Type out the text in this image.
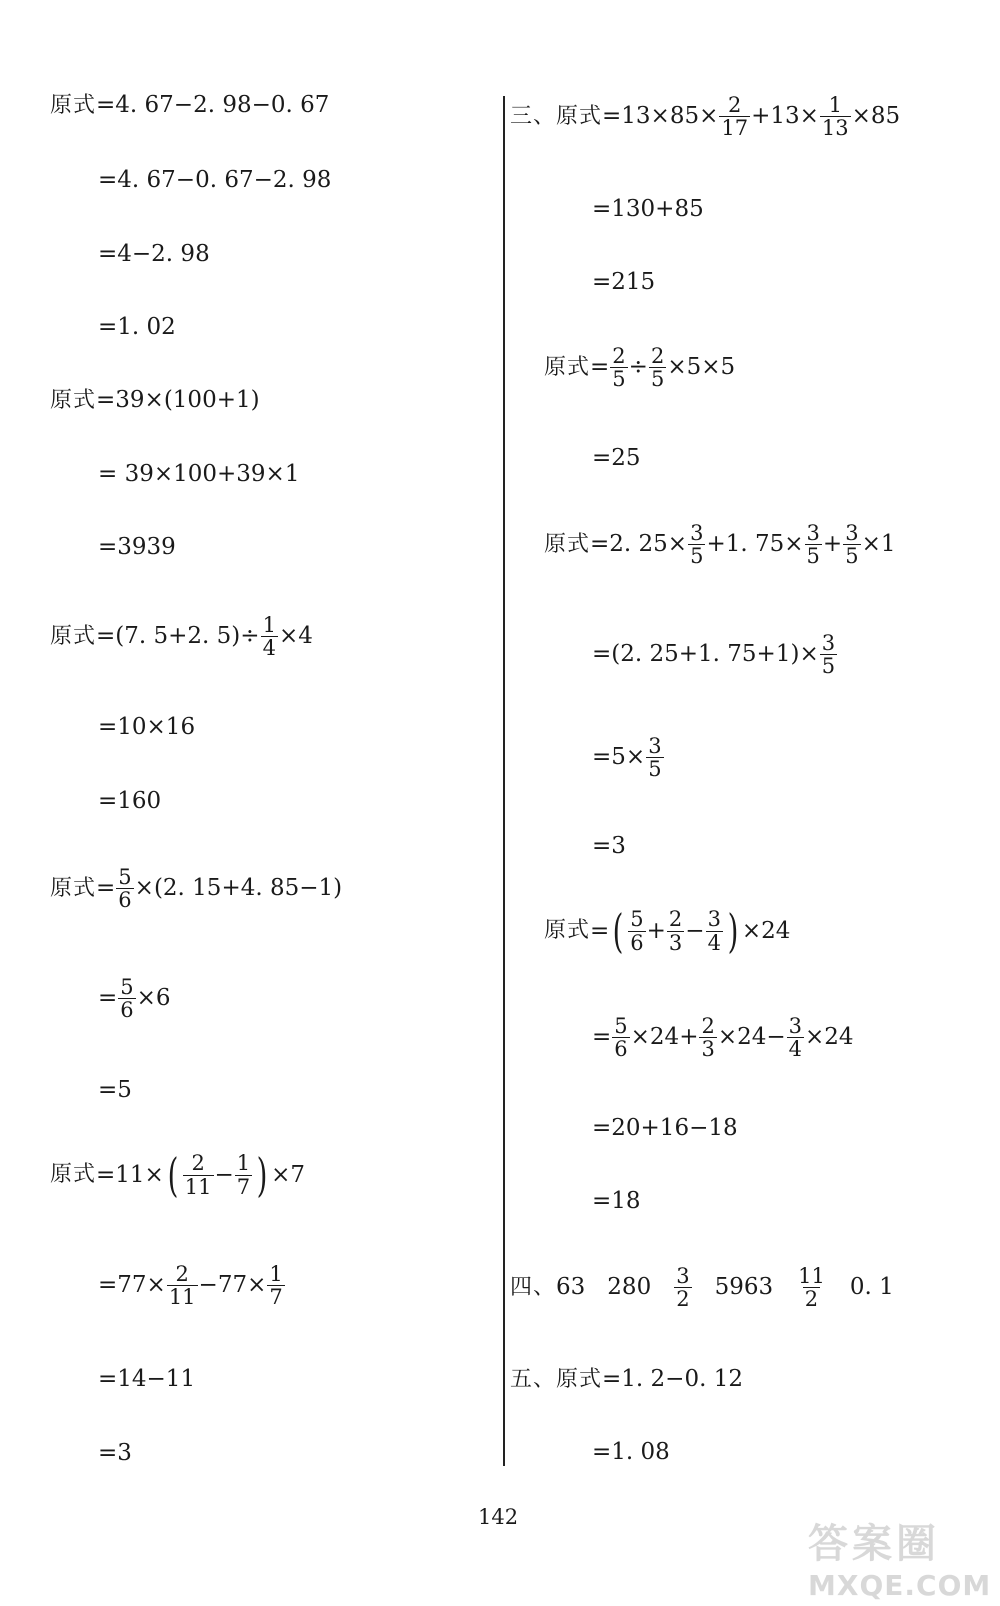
原式 =4. 67−2. 98−0. 67
=4. 67−0. 67−2. 98
=4−2. 98
=1. 02
原式 =39×(100+1)
= 39×100+39×1
=3939
原式 =(7. 5+2. $5)\div \frac{1}{4} \times 4$
=10×16
=160
原式 = $\frac{5}{6} \times(2$. 15+4. 85−1)
= $\frac{5}{6} \times 6$
=5
原式 =11× ( $\frac{2}{11} - \frac{1}{7}$ ) ×7
$=77\times \frac{2}{11} -77\times \frac{1}{7}$
=14−11
=3
三、原式 $=13\times 85\times \frac{2}{17} +13\times \frac{1}{13} \times 85$
=130+85
=215
原式 = $\frac{2}{5} \div \frac{2}{5} \times 5\times 5$
=25
原式 =2. $25\times \frac{3}{5} +1$. $75\times \frac{3}{5} + \frac{3}{5} \times 1$
=(2. 25+1. $75+1)\times \frac{3}{5}$
$=5\times \frac{3}{5}$
=3
原式 = ( $\frac{5}{6} + \frac{2}{3} - \frac{3}{4}$ ) ×24
= $\frac{5}{6} \times 24+ \frac{2}{3} \times 24- \frac{3}{4} \times 24$
=20+16−18
=18
四、 63 $280 \frac{3}{2} 5963 \frac{11}{2} 0$. 1
五、原式 =1. 2−0. 12
=1. 08
142
答案圈
MXQE.COM
